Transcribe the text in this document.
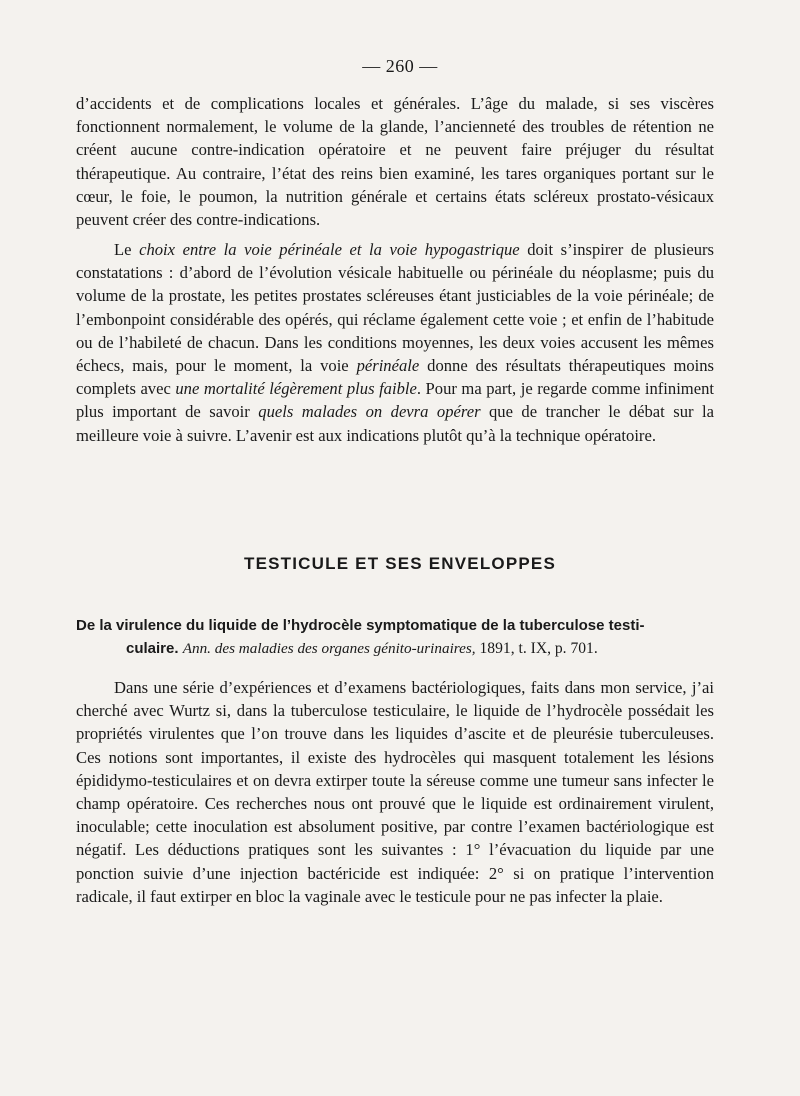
— 260 —

d’accidents et de complications locales et générales. L’âge du malade, si ses viscères fonctionnent normalement, le volume de la glande, l’ancienneté des troubles de rétention ne créent aucune contre-indication opératoire et ne peuvent faire préjuger du résultat thérapeutique. Au contraire, l’état des reins bien examiné, les tares organiques portant sur le cœur, le foie, le poumon, la nutrition générale et certains états scléreux prostato-vésicaux peuvent créer des contre-indications.

Le choix entre la voie périnéale et la voie hypogastrique doit s’inspirer de plusieurs constatations : d’abord de l’évolution vésicale habituelle ou périnéale du néoplasme; puis du volume de la prostate, les petites prostates scléreuses étant justiciables de la voie périnéale; de l’embonpoint considérable des opérés, qui réclame également cette voie ; et enfin de l’habitude ou de l’habileté de chacun. Dans les conditions moyennes, les deux voies accusent les mêmes échecs, mais, pour le moment, la voie périnéale donne des résultats thérapeutiques moins complets avec une mortalité légèrement plus faible. Pour ma part, je regarde comme infiniment plus important de savoir quels malades on devra opérer que de trancher le débat sur la meilleure voie à suivre. L’avenir est aux indications plutôt qu’à la technique opératoire.

TESTICULE ET SES ENVELOPPES
De la virulence du liquide de l’hydrocèle symptomatique de la tuberculose testi-
culaire. Ann. des maladies des organes génito-urinaires, 1891, t. IX, p. 701.

Dans une série d’expériences et d’examens bactériologiques, faits dans mon service, j’ai cherché avec Wurtz si, dans la tuberculose testiculaire, le liquide de l’hydrocèle possédait les propriétés virulentes que l’on trouve dans les liquides d’ascite et de pleurésie tuberculeuses. Ces notions sont importantes, il existe des hydrocèles qui masquent totalement les lésions épididymo-testiculaires et on devra extirper toute la séreuse comme une tumeur sans infecter le champ opératoire. Ces recherches nous ont prouvé que le liquide est ordinairement virulent, inoculable; cette inoculation est absolument positive, par contre l’examen bactériologique est négatif. Les déductions pratiques sont les suivantes : 1° l’évacuation du liquide par une ponction suivie d’une injection bactéricide est indiquée: 2° si on pratique l’intervention radicale, il faut extirper en bloc la vaginale avec le testicule pour ne pas infecter la plaie.
